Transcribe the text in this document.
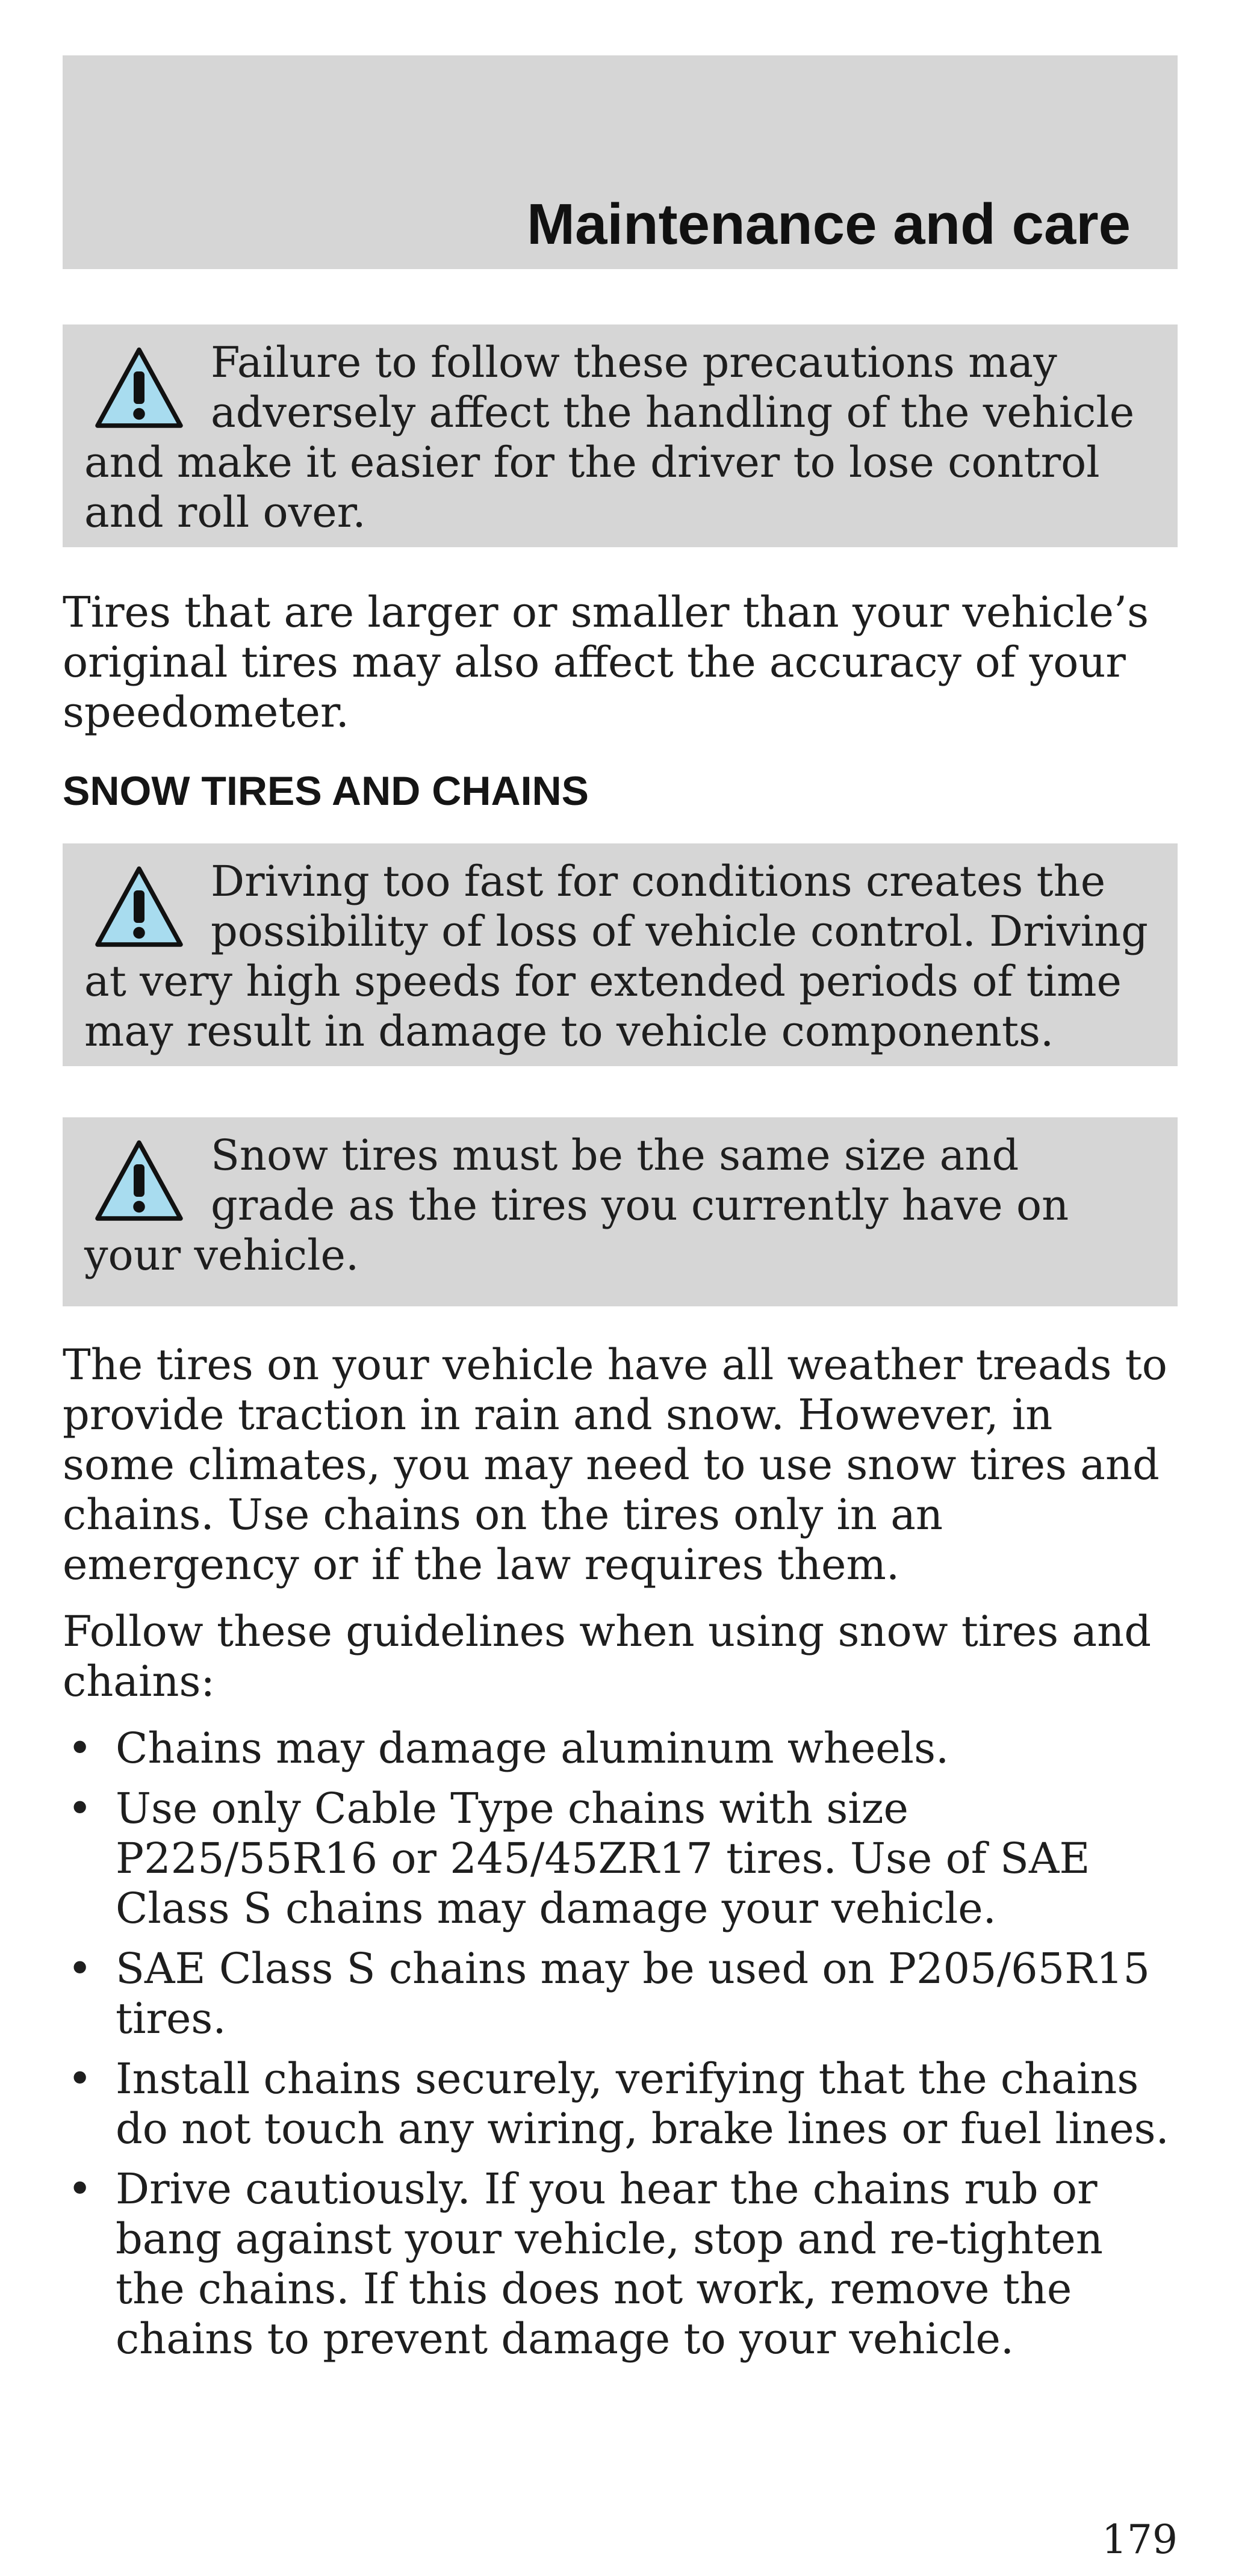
Maintenance and care
Failure to follow these precautions may adversely affect the handling of the vehicle and make it easier for the driver to lose control and roll over.

Tires that are larger or smaller than your vehicle’s original tires may also affect the accuracy of your speedometer.

SNOW TIRES AND CHAINS
Driving too fast for conditions creates the possibility of loss of vehicle control. Driving at very high speeds for extended periods of time may result in damage to vehicle components.
Snow tires must be the same size and grade as the tires you currently have on your vehicle.

The tires on your vehicle have all weather treads to provide traction in rain and snow. However, in some climates, you may need to use snow tires and chains. Use chains on the tires only in an emergency or if the law requires them.

Follow these guidelines when using snow tires and chains:

• Chains may damage aluminum wheels.
• Use only Cable Type chains with size P225/55R16 or 245/45ZR17 tires. Use of SAE Class S chains may damage your vehicle.
• SAE Class S chains may be used on P205/65R15 tires.
• Install chains securely, verifying that the chains do not touch any wiring, brake lines or fuel lines.
• Drive cautiously. If you hear the chains rub or bang against your vehicle, stop and re-tighten the chains. If this does not work, remove the chains to prevent damage to your vehicle.
179
